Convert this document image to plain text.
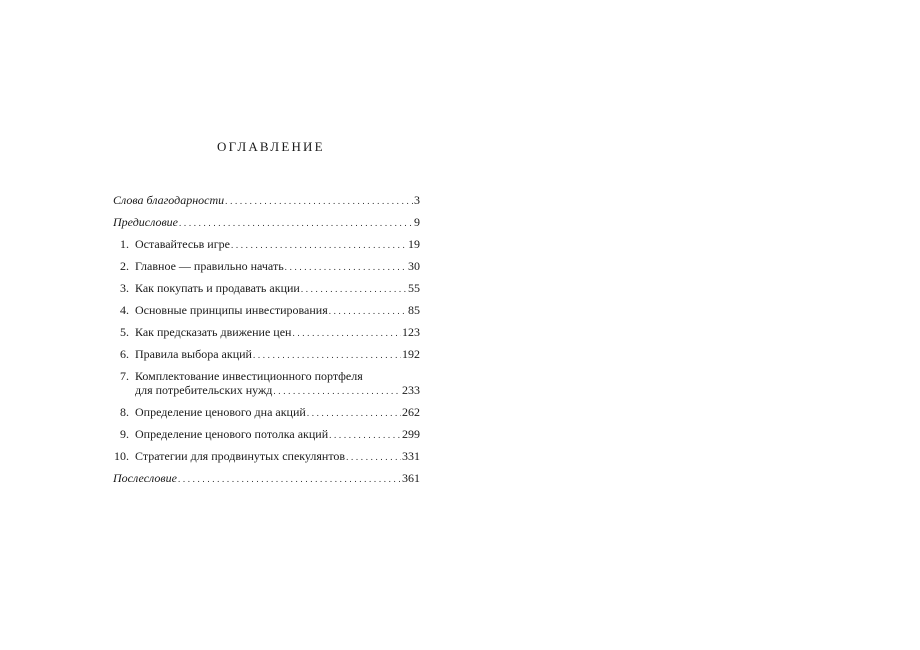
ОГЛАВЛЕНИЕ
Слова благодарности . . .	3
Предисловие . . .	9
1. Оставайтесьв игре . . .	19
2. Главное — правильно начать . . .	30
3. Как покупать и продавать акции . . .	55
4. Основные принципы инвестирования . . .	85
5. Как предсказать движение цен . . .	123
6. Правила выбора акций . . .	192
7. Комплектование инвестиционного портфеля
для потребительских нужд . . .	233
8. Определение ценового дна акций . . .	262
9. Определение ценового потолка акций . . .	299
10. Стратегии для продвинутых спекулянтов . . .	331
Послесловие . . .	361
